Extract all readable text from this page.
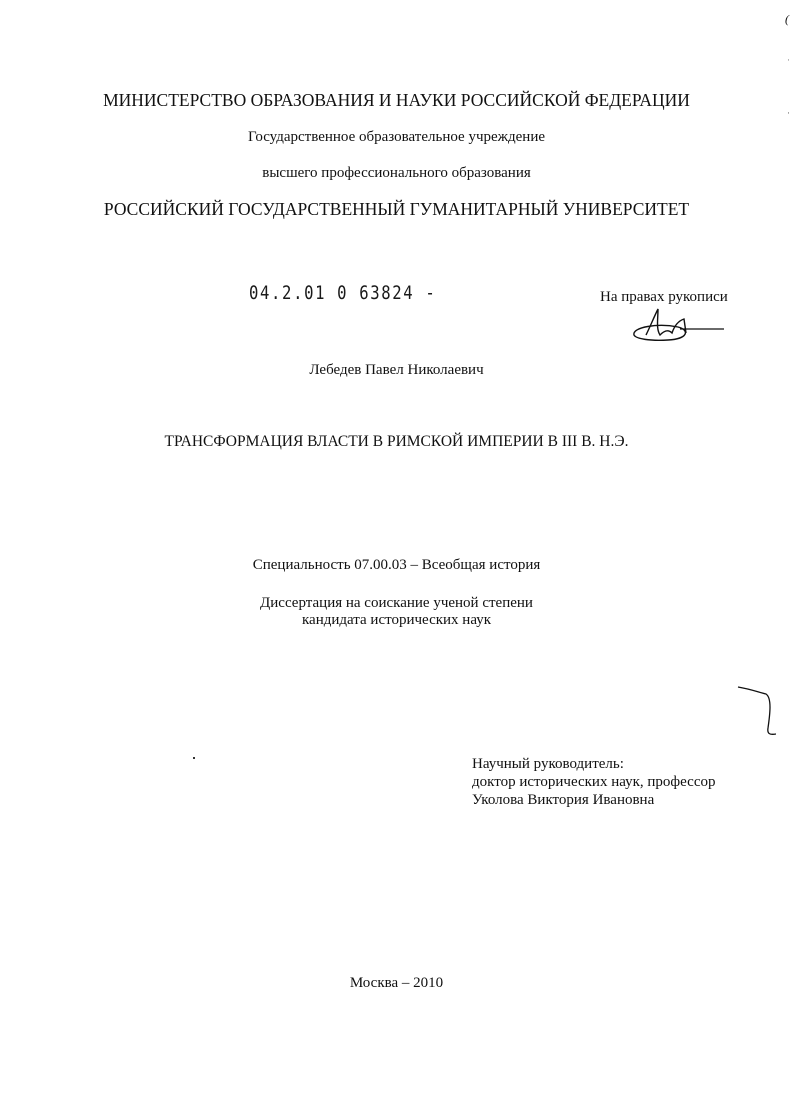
МИНИСТЕРСТВО ОБРАЗОВАНИЯ И НАУКИ РОССИЙСКОЙ ФЕДЕРАЦИИ
Государственное образовательное учреждение
высшего профессионального образования
РОССИЙСКИЙ ГОСУДАРСТВЕННЫЙ ГУМАНИТАРНЫЙ УНИВЕРСИТЕТ
04.2.01 0 63824 -	На правах рукописи
Лебедев Павел Николаевич
ТРАНСФОРМАЦИЯ ВЛАСТИ В РИМСКОЙ ИМПЕРИИ В III В. Н.Э.
Специальность 07.00.03 – Всеобщая история
Диссертация на соискание ученой степени
кандидата исторических наук
Научный руководитель:
доктор исторических наук, профессор
Уколова Виктория Ивановна
Москва – 2010
(
·
·
